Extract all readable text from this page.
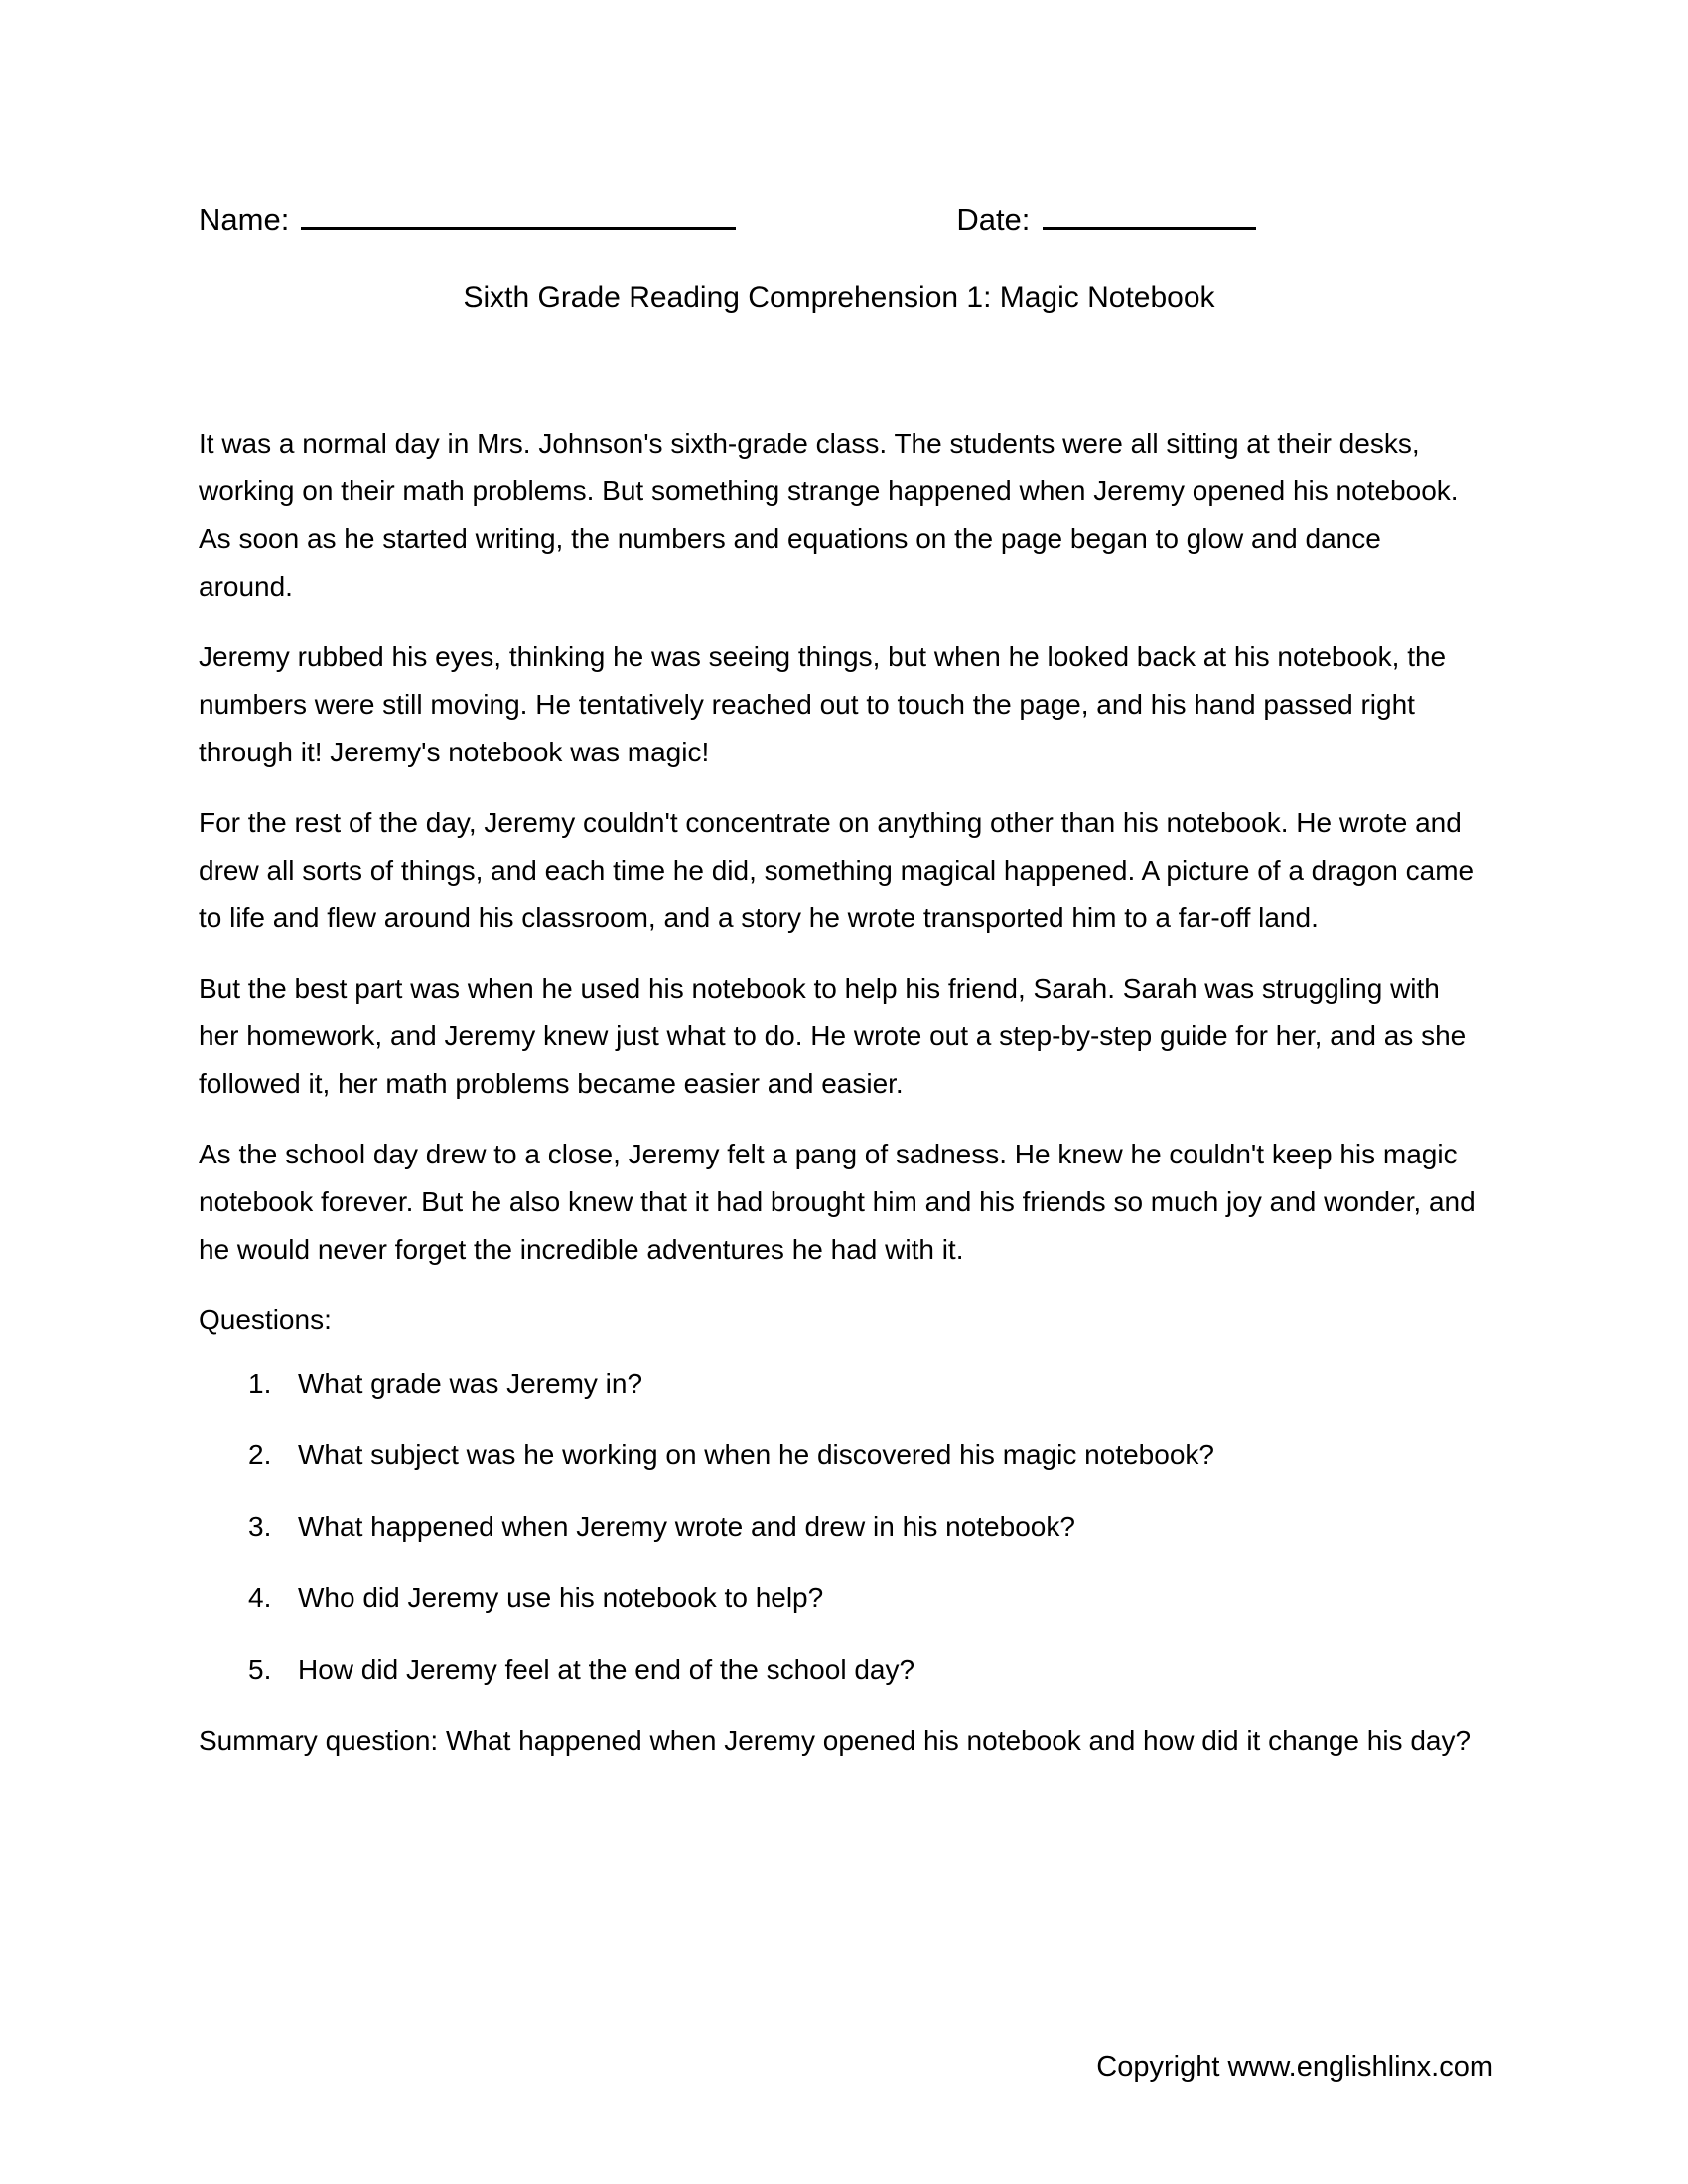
Name:	Date:
Sixth Grade Reading Comprehension 1: Magic Notebook

It was a normal day in Mrs. Johnson's sixth-grade class. The students were all sitting at their desks, working on their math problems. But something strange happened when Jeremy opened his notebook. As soon as he started writing, the numbers and equations on the page began to glow and dance around.

Jeremy rubbed his eyes, thinking he was seeing things, but when he looked back at his notebook, the numbers were still moving. He tentatively reached out to touch the page, and his hand passed right through it! Jeremy's notebook was magic!

For the rest of the day, Jeremy couldn't concentrate on anything other than his notebook. He wrote and drew all sorts of things, and each time he did, something magical happened. A picture of a dragon came to life and flew around his classroom, and a story he wrote transported him to a far-off land.

But the best part was when he used his notebook to help his friend, Sarah. Sarah was struggling with her homework, and Jeremy knew just what to do. He wrote out a step-by-step guide for her, and as she followed it, her math problems became easier and easier.

As the school day drew to a close, Jeremy felt a pang of sadness. He knew he couldn't keep his magic notebook forever. But he also knew that it had brought him and his friends so much joy and wonder, and he would never forget the incredible adventures he had with it.

Questions:

1. What grade was Jeremy in?
2. What subject was he working on when he discovered his magic notebook?
3. What happened when Jeremy wrote and drew in his notebook?
4. Who did Jeremy use his notebook to help?
5. How did Jeremy feel at the end of the school day?

Summary question: What happened when Jeremy opened his notebook and how did it change his day?

Copyright www.englishlinx.com
